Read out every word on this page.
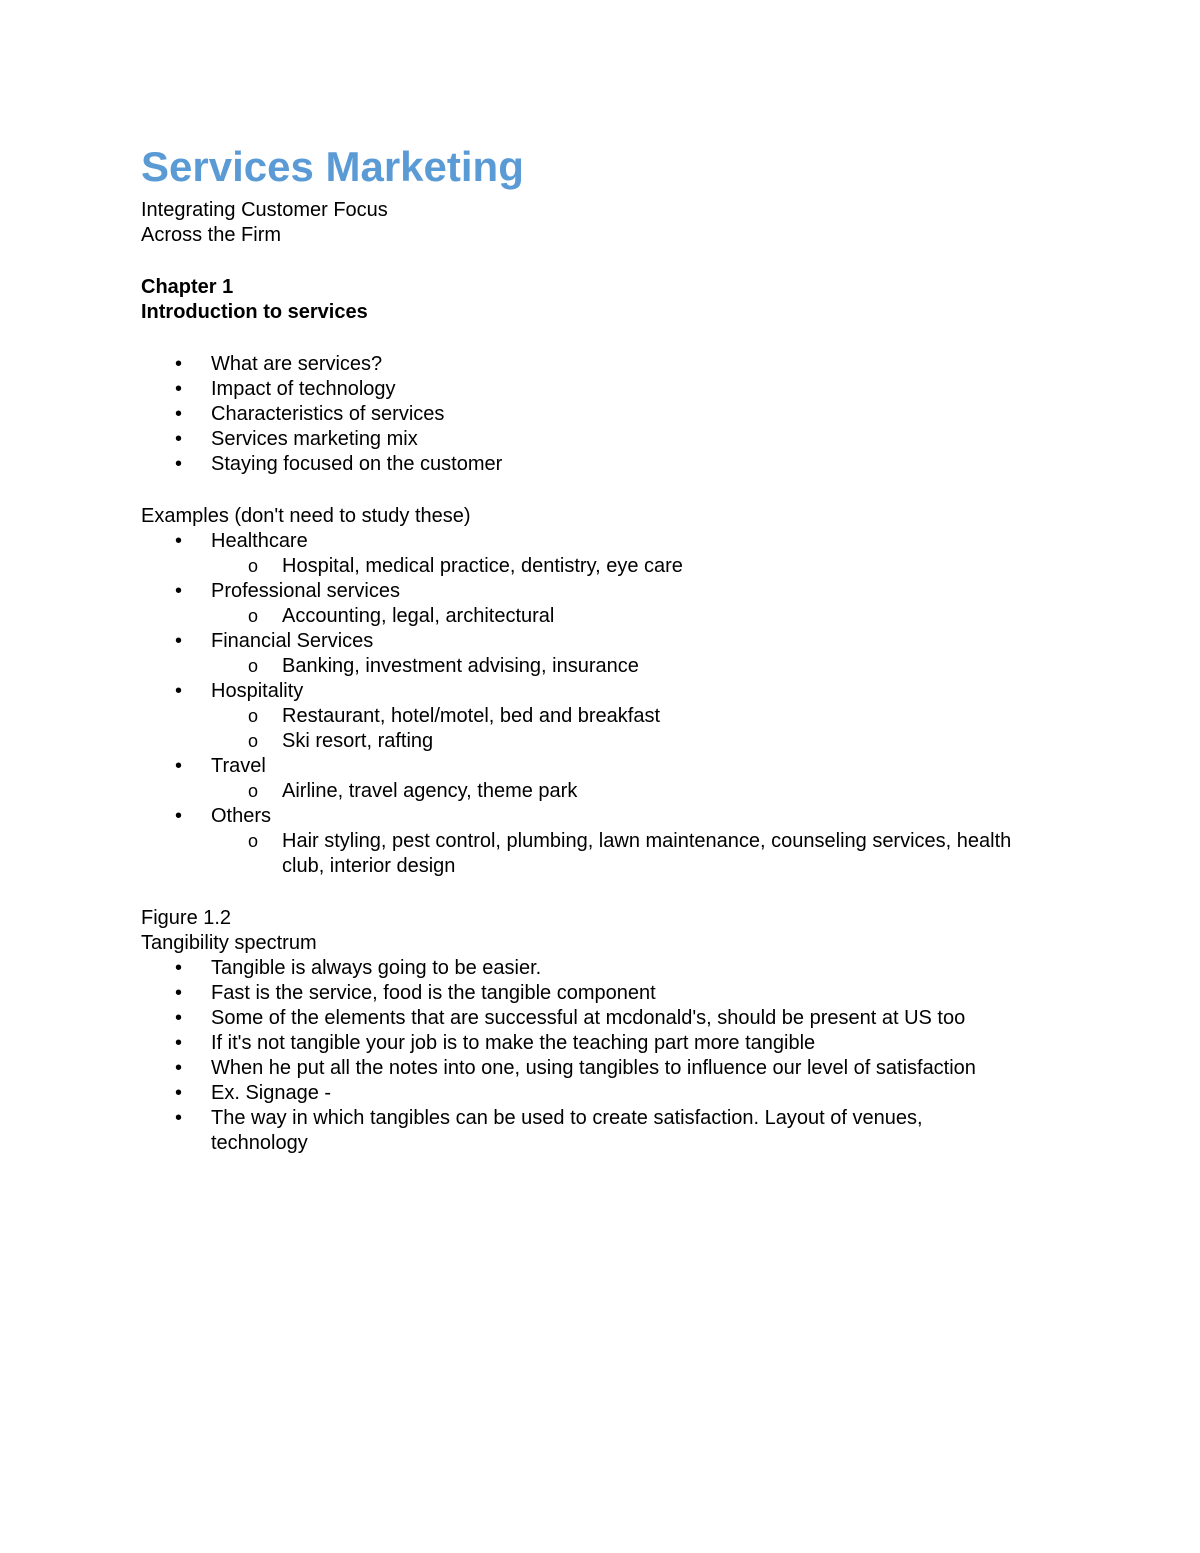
Services Marketing

Integrating Customer Focus

Across the Firm

Chapter 1

Introduction to services

• What are services?
• Impact of technology
• Characteristics of services
• Services marketing mix
• Staying focused on the customer

Examples (don't need to study these)

• Healthcare
o Hospital, medical practice, dentistry, eye care
• Professional services
o Accounting, legal, architectural
• Financial Services
o Banking, investment advising, insurance
• Hospitality
o Restaurant, hotel/motel, bed and breakfast
o Ski resort, rafting
• Travel
o Airline, travel agency, theme park
• Others
o Hair styling, pest control, plumbing, lawn maintenance, counseling services, health club, interior design

Figure 1.2

Tangibility spectrum

• Tangible is always going to be easier.
• Fast is the service, food is the tangible component
• Some of the elements that are successful at mcdonald's, should be present at US too
• If it's not tangible your job is to make the teaching part more tangible
• When he put all the notes into one, using tangibles to influence our level of satisfaction
• Ex. Signage -
• The way in which tangibles can be used to create satisfaction. Layout of venues, technology
